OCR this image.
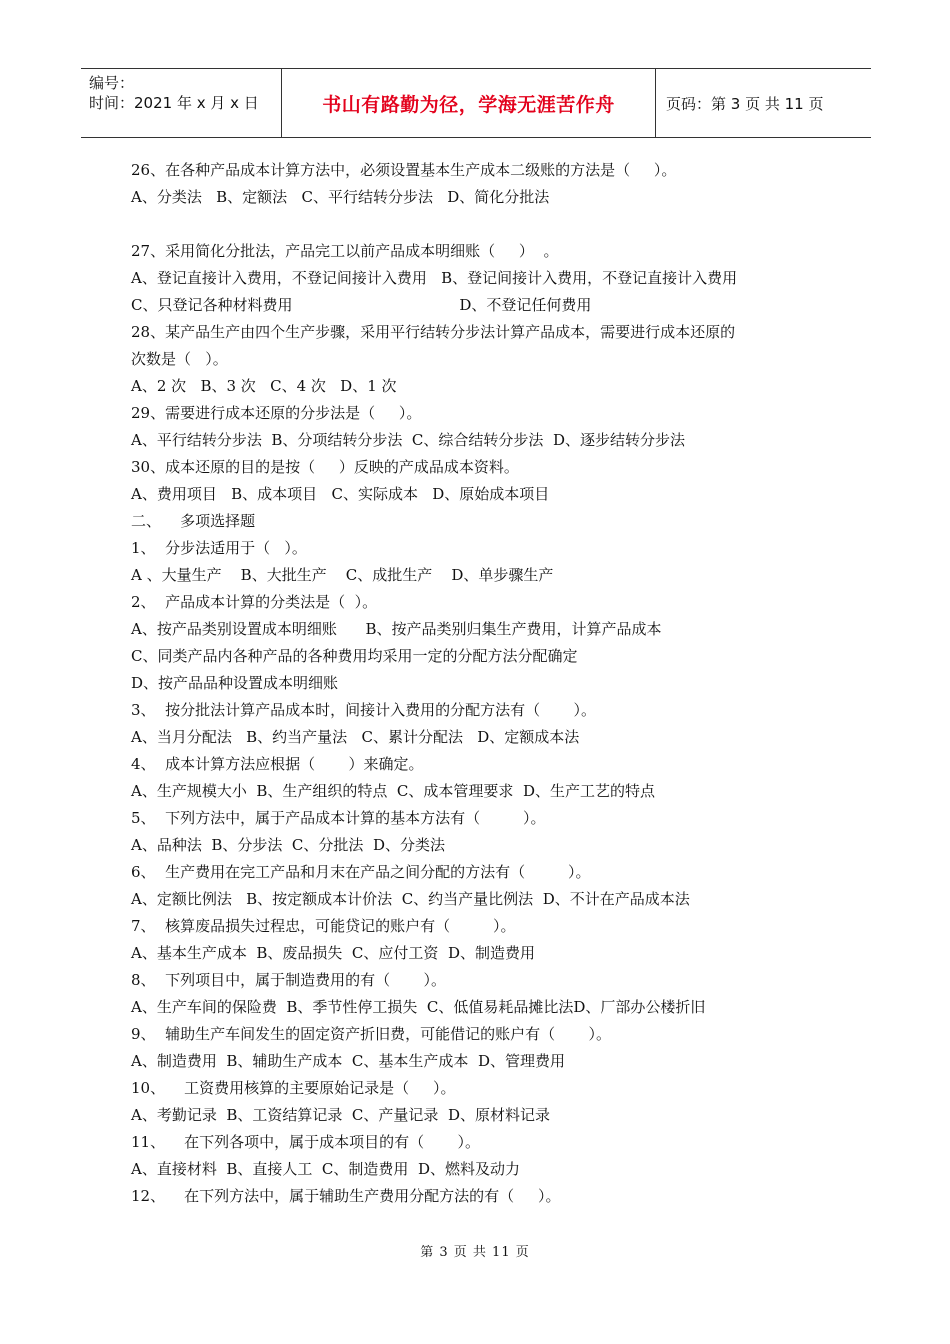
编号：
时间：2021 年 x 月 x 日	书山有路勤为径，学海无涯苦作舟	页码：第 3 页 共 11 页
26、在各种产品成本计算方法中，必须设置基本生产成本二级账的方法是（     ）。
A、分类法   B、定额法   C、平行结转分步法   D、简化分批法
27、采用简化分批法，产品完工以前产品成本明细账（     ）  。
A、登记直接计入费用，不登记间接计入费用   B、登记间接计入费用，不登记直接计入费用
C、只登记各种材料费用                                   D、不登记任何费用
28、某产品生产由四个生产步骤，采用平行结转分步法计算产品成本，需要进行成本还原的
次数是（   ）。
A、2 次   B、3 次   C、4 次   D、1 次
29、需要进行成本还原的分步法是（     ）。
A、平行结转分步法  B、分项结转分步法  C、综合结转分步法  D、逐步结转分步法
30、成本还原的目的是按（     ）反映的产成品成本资料。
A、费用项目   B、成本项目   C、实际成本   D、原始成本项目
二、    多项选择题
1、  分步法适用于（   ）。
A 、大量生产    B、大批生产    C、成批生产    D、单步骤生产
2、  产品成本计算的分类法是（  ）。
A、按产品类别设置成本明细账      B、按产品类别归集生产费用，计算产品成本
C、同类产品内各种产品的各种费用均采用一定的分配方法分配确定
D、按产品品种设置成本明细账
3、  按分批法计算产品成本时，间接计入费用的分配方法有（       ）。
A、当月分配法   B、约当产量法   C、累计分配法   D、定额成本法
4、  成本计算方法应根据（       ）来确定。
A、生产规模大小  B、生产组织的特点  C、成本管理要求  D、生产工艺的特点
5、  下列方法中，属于产品成本计算的基本方法有（         ）。
A、品种法  B、分步法  C、分批法  D、分类法
6、  生产费用在完工产品和月末在产品之间分配的方法有（         ）。
A、定额比例法   B、按定额成本计价法  C、约当产量比例法  D、不计在产品成本法
7、  核算废品损失过程忠，可能贷记的账户有（         ）。
A、基本生产成本  B、废品损失  C、应付工资  D、制造费用
8、  下列项目中，属于制造费用的有（       ）。
A、生产车间的保险费  B、季节性停工损失  C、低值易耗品摊比法D、厂部办公楼折旧
9、  辅助生产车间发生的固定资产折旧费，可能借记的账户有（       ）。
A、制造费用  B、辅助生产成本  C、基本生产成本  D、管理费用
10、    工资费用核算的主要原始记录是（     ）。
A、考勤记录  B、工资结算记录  C、产量记录  D、原材料记录
11、    在下列各项中，属于成本项目的有（       ）。
A、直接材料  B、直接人工  C、制造费用  D、燃料及动力
12、    在下列方法中，属于辅助生产费用分配方法的有（     ）。
第 3 页 共 11 页
